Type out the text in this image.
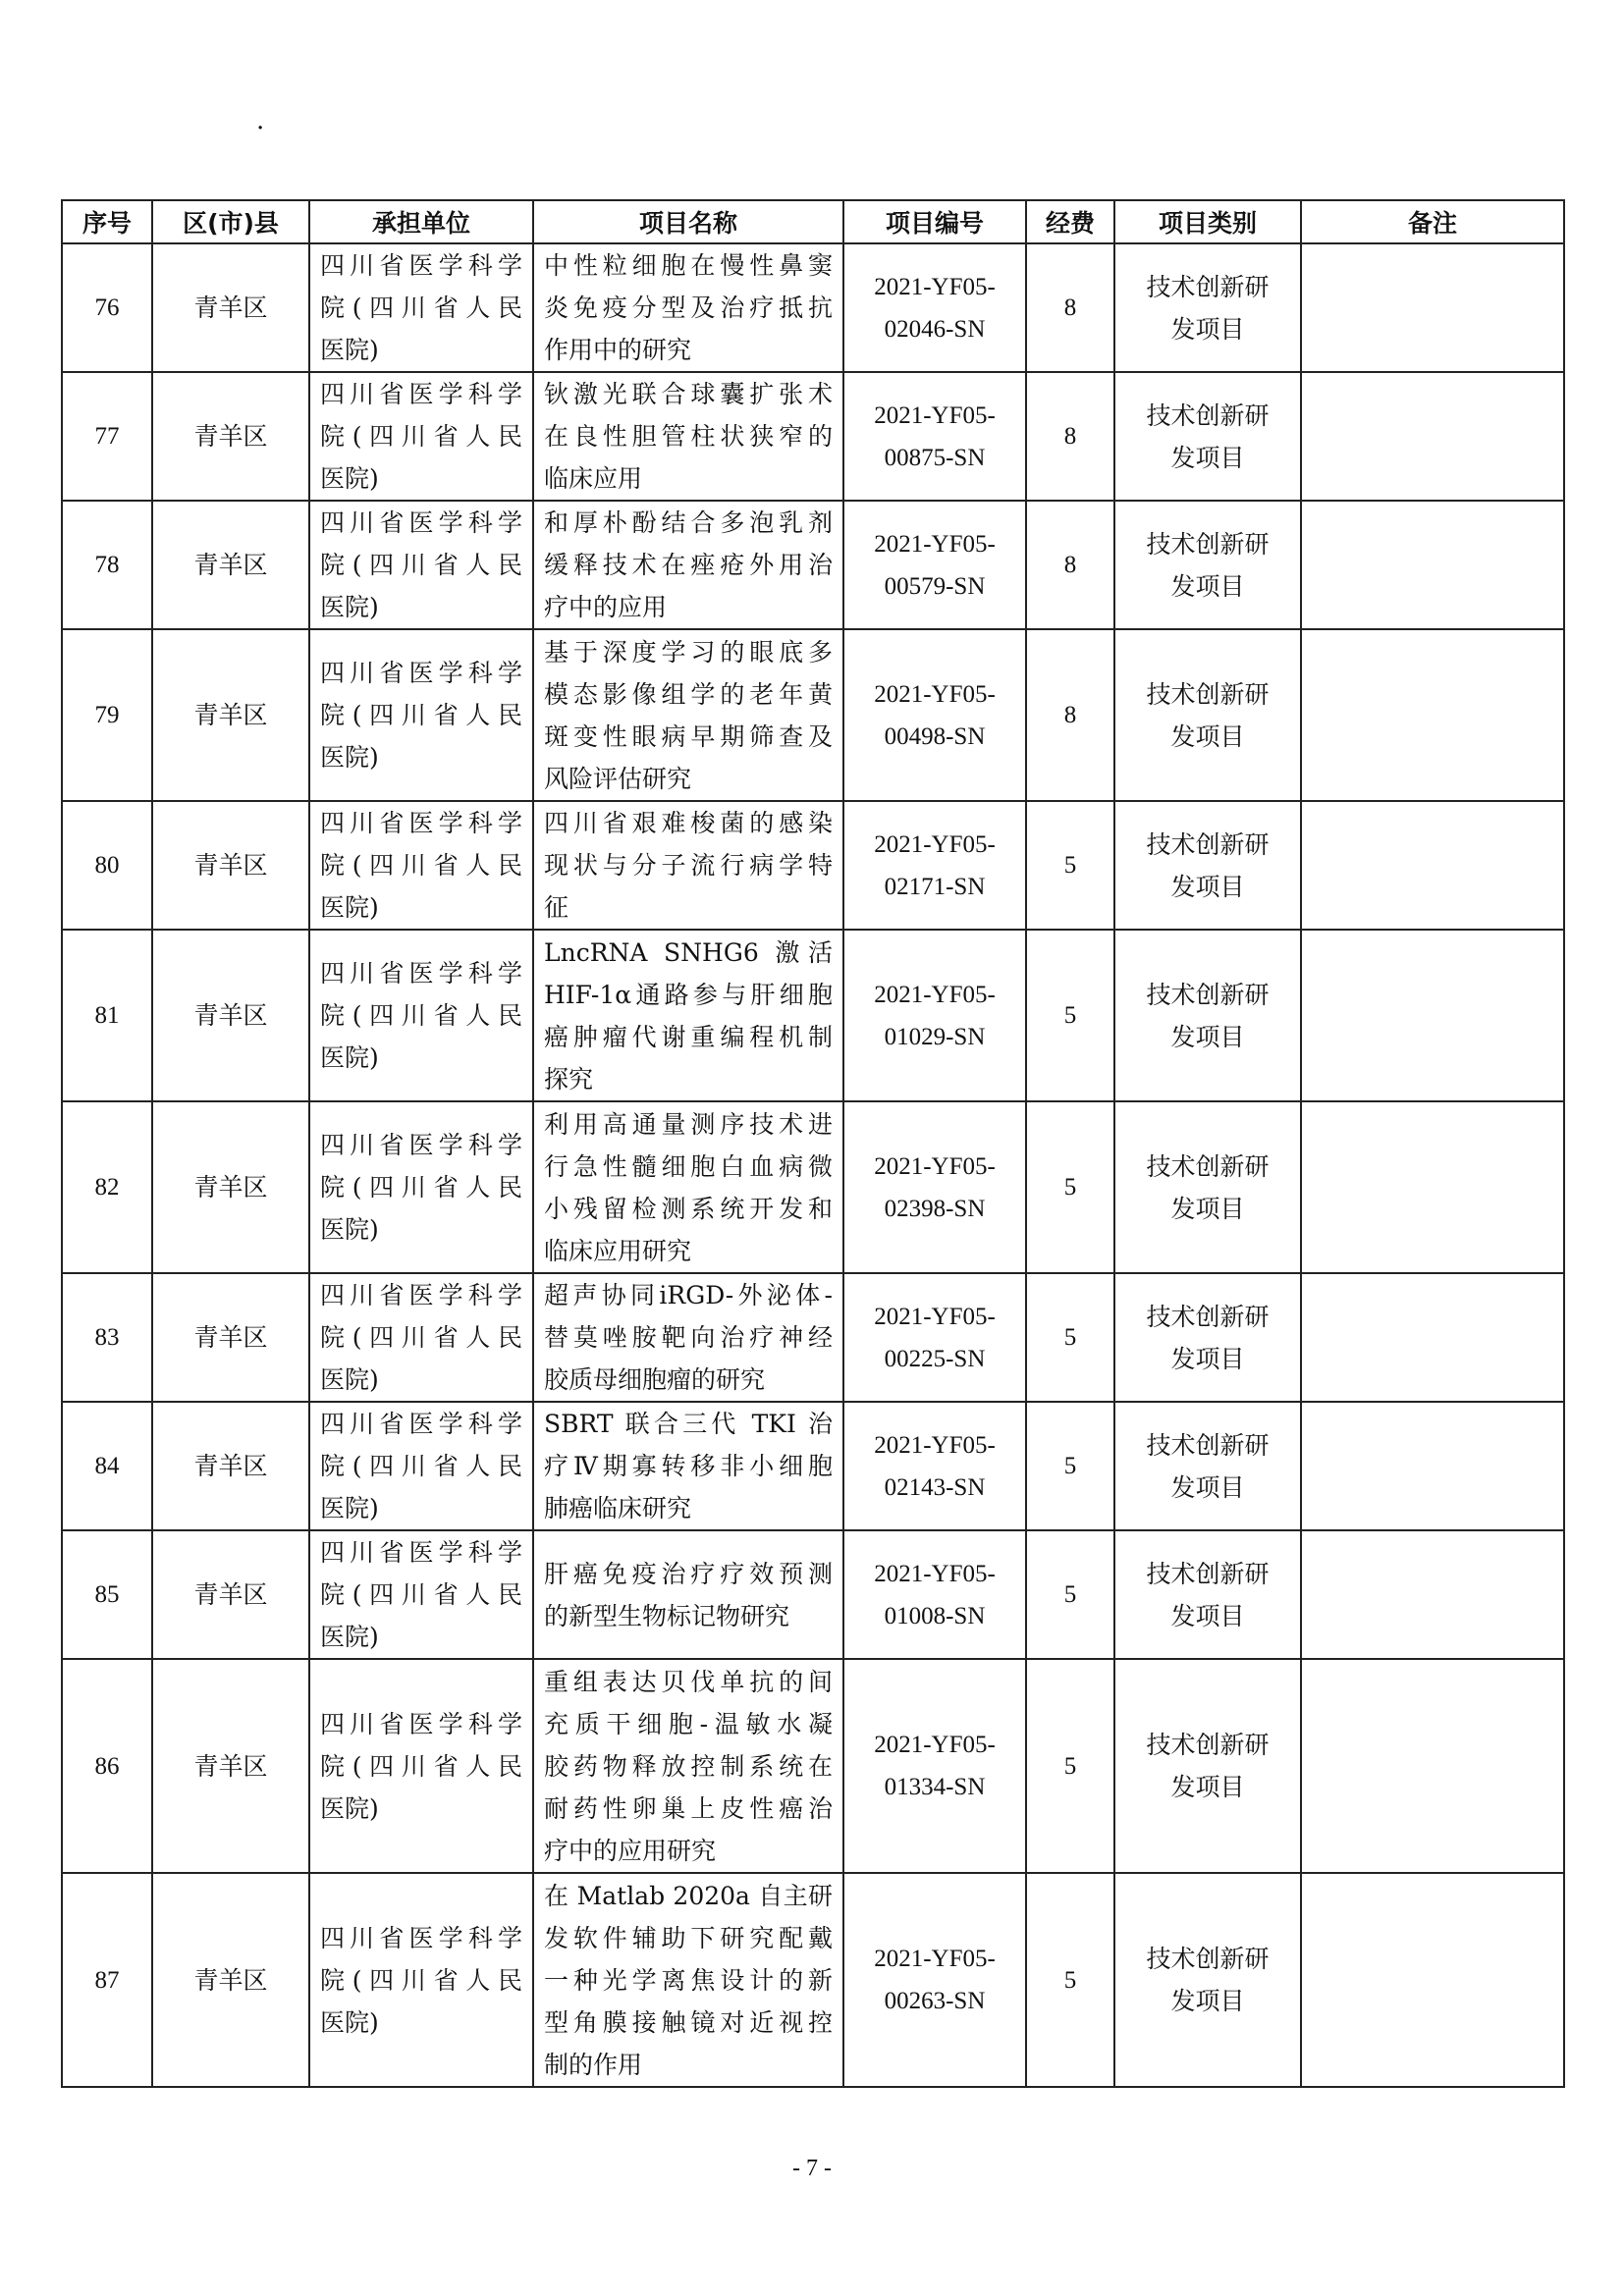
·
序号	区(市)县	承担单位	项目名称	项目编号	经费	项目类别	备注
76	青羊区	四川省医学科学
院(四川省人民
医院)	中性粒细胞在慢性鼻窦
炎免疫分型及治疗抵抗
作用中的研究	2021-YF05-
02046-SN	8	技术创新研
发项目	

77	青羊区	四川省医学科学
院(四川省人民
医院)	钬激光联合球囊扩张术
在良性胆管柱状狭窄的
临床应用	2021-YF05-
00875-SN	8	技术创新研
发项目	

78	青羊区	四川省医学科学
院(四川省人民
医院)	和厚朴酚结合多泡乳剂
缓释技术在痤疮外用治
疗中的应用	2021-YF05-
00579-SN	8	技术创新研
发项目	

79	青羊区	四川省医学科学
院(四川省人民
医院)	基于深度学习的眼底多
模态影像组学的老年黄
斑变性眼病早期筛查及
风险评估研究	2021-YF05-
00498-SN	8	技术创新研
发项目	

80	青羊区	四川省医学科学
院(四川省人民
医院)	四川省艰难梭菌的感染
现状与分子流行病学特
征	2021-YF05-
02171-SN	5	技术创新研
发项目	

81	青羊区	四川省医学科学
院(四川省人民
医院)	LncRNA SNHG6 激活
HIF-1α通路参与肝细胞
癌肿瘤代谢重编程机制
探究	2021-YF05-
01029-SN	5	技术创新研
发项目	

82	青羊区	四川省医学科学
院(四川省人民
医院)	利用高通量测序技术进
行急性髓细胞白血病微
小残留检测系统开发和
临床应用研究	2021-YF05-
02398-SN	5	技术创新研
发项目	

83	青羊区	四川省医学科学
院(四川省人民
医院)	超声协同iRGD-外泌体-
替莫唑胺靶向治疗神经
胶质母细胞瘤的研究	2021-YF05-
00225-SN	5	技术创新研
发项目	

84	青羊区	四川省医学科学
院(四川省人民
医院)	SBRT 联合三代 TKI 治
疗Ⅳ期寡转移非小细胞
肺癌临床研究	2021-YF05-
02143-SN	5	技术创新研
发项目	

85	青羊区	四川省医学科学
院(四川省人民
医院)	肝癌免疫治疗疗效预测
的新型生物标记物研究	2021-YF05-
01008-SN	5	技术创新研
发项目	

86	青羊区	四川省医学科学
院(四川省人民
医院)	重组表达贝伐单抗的间
充质干细胞-温敏水凝
胶药物释放控制系统在
耐药性卵巢上皮性癌治
疗中的应用研究	2021-YF05-
01334-SN	5	技术创新研
发项目	

87	青羊区	四川省医学科学
院(四川省人民
医院)	在 Matlab 2020a 自主研
发软件辅助下研究配戴
一种光学离焦设计的新
型角膜接触镜对近视控
制的作用	2021-YF05-
00263-SN	5	技术创新研
发项目	

- 7 -
